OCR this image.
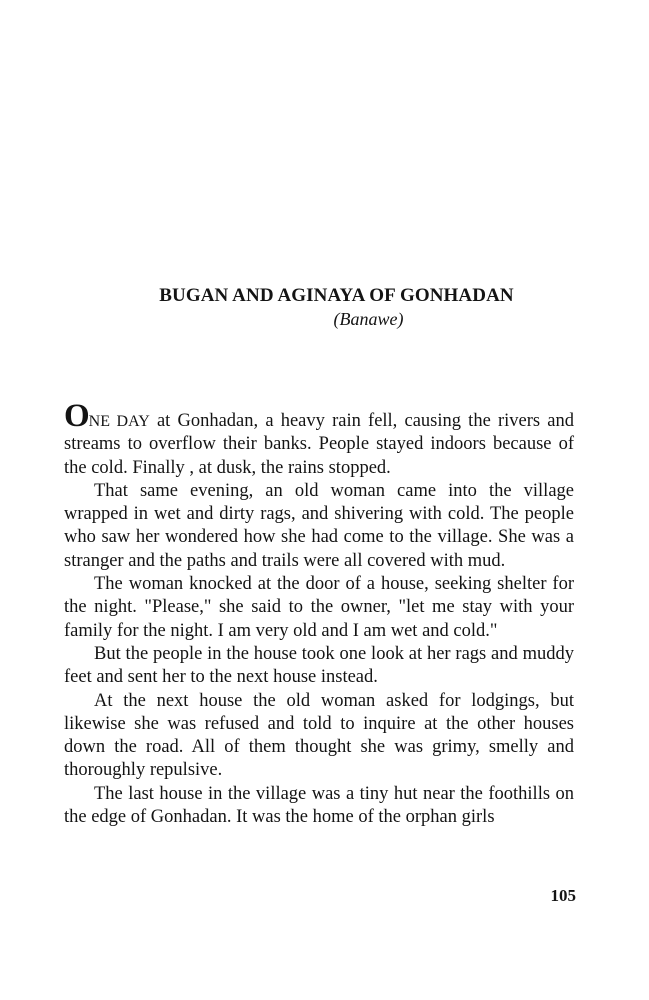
BUGAN AND AGINAYA OF GONHADAN
(Banawe)

ONE DAY at Gonhadan, a heavy rain fell, causing the rivers and streams to overflow their banks. People stayed indoors because of the cold. Finally , at dusk, the rains stopped.

That same evening, an old woman came into the village wrapped in wet and dirty rags, and shivering with cold. The people who saw her wondered how she had come to the village. She was a stranger and the paths and trails were all covered with mud.

The woman knocked at the door of a house, seeking shelter for the night. "Please," she said to the owner, "let me stay with your family for the night. I am very old and I am wet and cold."

But the people in the house took one look at her rags and muddy feet and sent her to the next house instead.

At the next house the old woman asked for lodgings, but likewise she was refused and told to inquire at the other houses down the road. All of them thought she was grimy, smelly and thoroughly repulsive.

The last house in the village was a tiny hut near the foothills on the edge of Gonhadan. It was the home of the orphan girls

105
